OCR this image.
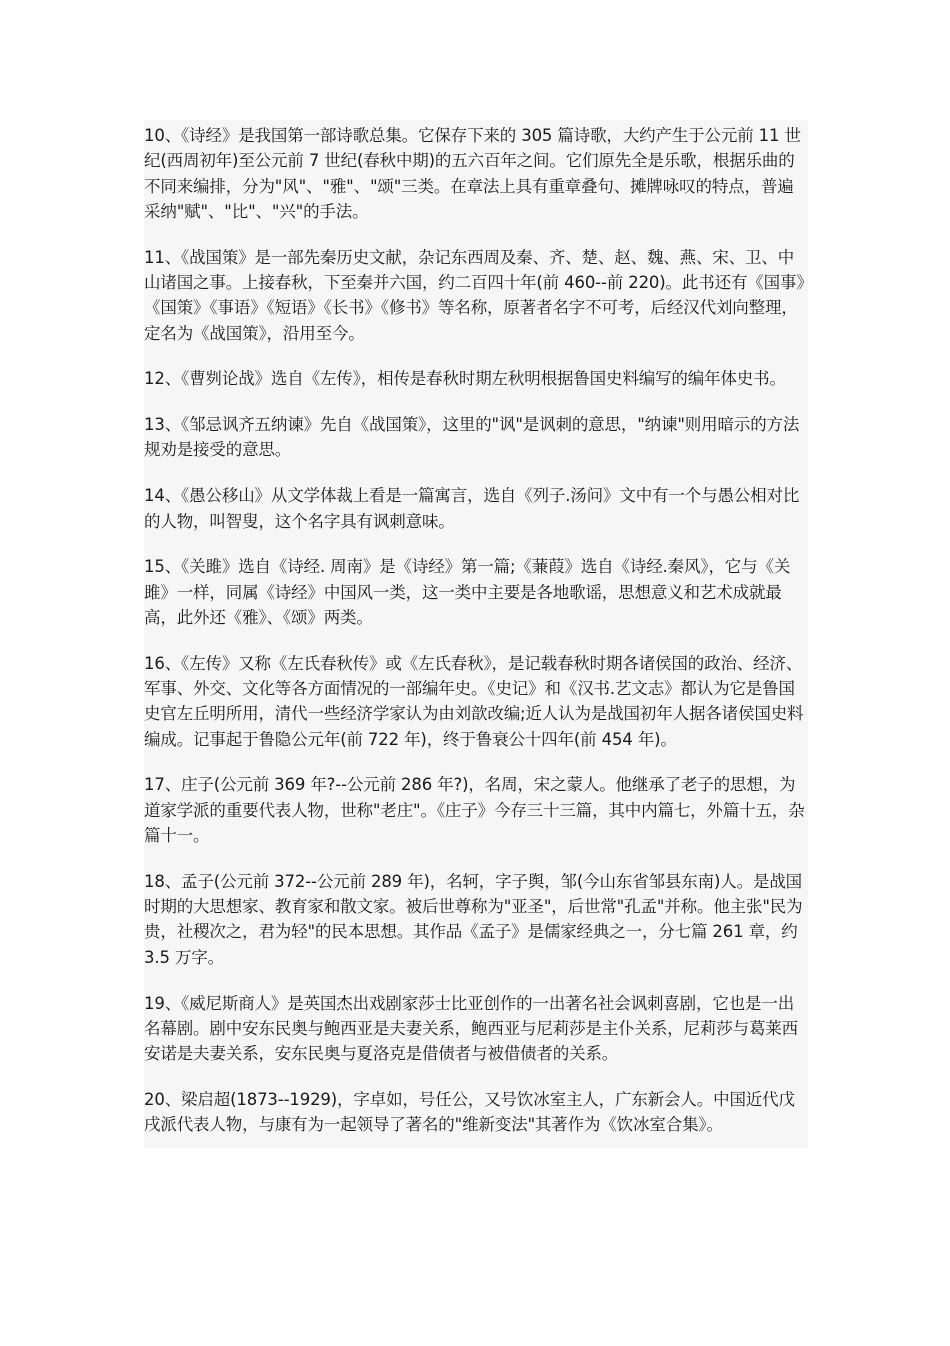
10、《诗经》是我国第一部诗歌总集。它保存下来的 305 篇诗歌，大约产生于公元前 11 世纪(西周初年)至公元前 7 世纪(春秋中期)的五六百年之间。它们原先全是乐歌，根据乐曲的不同来编排，分为"风"、"雅"、"颂"三类。在章法上具有重章叠句、摊牌咏叹的特点，普遍采纳"赋"、"比"、"兴"的手法。

11、《战国策》是一部先秦历史文献，杂记东西周及秦、齐、楚、赵、魏、燕、宋、卫、中山诸国之事。上接春秋，下至秦并六国，约二百四十年(前 460--前 220)。此书还有《国事》《国策》《事语》《短语》《长书》《修书》等名称，原著者名字不可考，后经汉代刘向整理，定名为《战国策》，沿用至今。

12、《曹刿论战》选自《左传》，相传是春秋时期左秋明根据鲁国史料编写的编年体史书。

13、《邹忌讽齐五纳谏》先自《战国策》，这里的"讽"是讽刺的意思，"纳谏"则用暗示的方法规劝是接受的意思。

14、《愚公移山》从文学体裁上看是一篇寓言，选自《列子.汤问》文中有一个与愚公相对比的人物，叫智叟，这个名字具有讽刺意味。

15、《关雎》选自《诗经. 周南》是《诗经》第一篇;《蒹葭》选自《诗经.秦风》，它与《关雎》一样，同属《诗经》中国风一类，这一类中主要是各地歌谣，思想意义和艺术成就最高，此外还《雅》、《颂》两类。

16、《左传》又称《左氏春秋传》或《左氏春秋》，是记载春秋时期各诸侯国的政治、经济、军事、外交、文化等各方面情况的一部编年史。《史记》和《汉书.艺文志》都认为它是鲁国史官左丘明所用，清代一些经济学家认为由刘歆改编;近人认为是战国初年人据各诸侯国史料编成。记事起于鲁隐公元年(前 722 年)，终于鲁衰公十四年(前 454 年)。

17、庄子(公元前 369 年?--公元前 286 年?)，名周，宋之蒙人。他继承了老子的思想，为道家学派的重要代表人物，世称"老庄"。《庄子》今存三十三篇，其中内篇七，外篇十五，杂篇十一。

18、孟子(公元前 372--公元前 289 年)，名轲，字子舆，邹(今山东省邹县东南)人。是战国时期的大思想家、教育家和散文家。被后世尊称为"亚圣"，后世常"孔孟"并称。他主张"民为贵，社稷次之，君为轻"的民本思想。其作品《孟子》是儒家经典之一，分七篇 261 章，约 3.5 万字。

19、《威尼斯商人》是英国杰出戏剧家莎士比亚创作的一出著名社会讽刺喜剧，它也是一出名幕剧。剧中安东民奥与鲍西亚是夫妻关系，鲍西亚与尼莉莎是主仆关系，尼莉莎与葛莱西安诺是夫妻关系，安东民奥与夏洛克是借债者与被借债者的关系。

20、梁启超(1873--1929)，字卓如，号任公，又号饮冰室主人，广东新会人。中国近代戊戌派代表人物，与康有为一起领导了著名的"维新变法"其著作为《饮冰室合集》。
